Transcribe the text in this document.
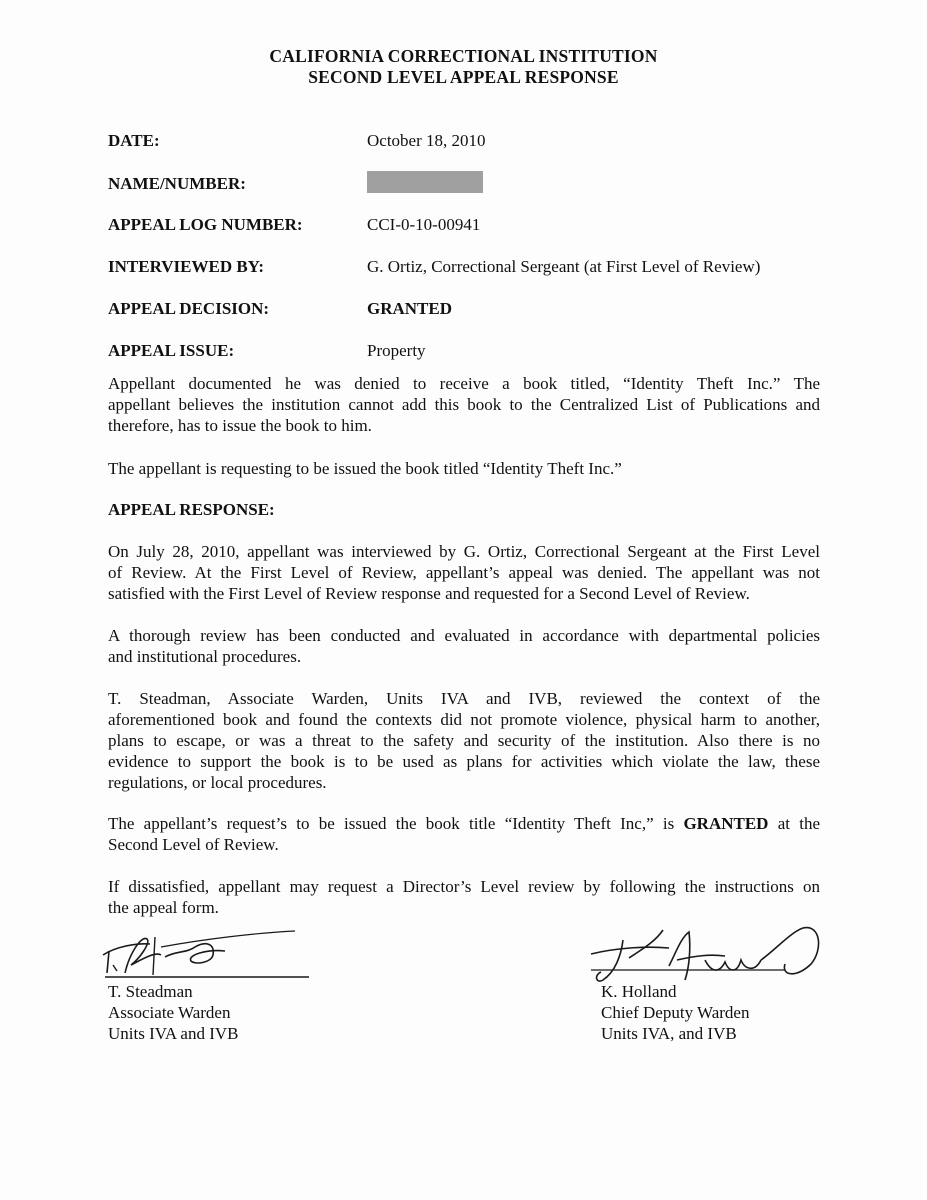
CALIFORNIA CORRECTIONAL INSTITUTION
SECOND LEVEL APPEAL RESPONSE
DATE:	October 18, 2010
NAME/NUMBER:
APPEAL LOG NUMBER:	CCI-0-10-00941
INTERVIEWED BY:	G. Ortiz, Correctional Sergeant (at First Level of Review)
APPEAL DECISION:	GRANTED
APPEAL ISSUE:	Property
Appellant documented he was denied to receive a book titled, “Identity Theft Inc.” The
appellant believes the institution cannot add this book to the Centralized List of Publications and
therefore, has to issue the book to him.
The appellant is requesting to be issued the book titled “Identity Theft Inc.”
APPEAL RESPONSE:
On July 28, 2010, appellant was interviewed by G. Ortiz, Correctional Sergeant at the First Level
of Review. At the First Level of Review, appellant’s appeal was denied. The appellant was not
satisfied with the First Level of Review response and requested for a Second Level of Review.
A thorough review has been conducted and evaluated in accordance with departmental policies
and institutional procedures.
T. Steadman, Associate Warden, Units IVA and IVB, reviewed the context of the
aforementioned book and found the contexts did not promote violence, physical harm to another,
plans to escape, or was a threat to the safety and security of the institution. Also there is no
evidence to support the book is to be used as plans for activities which violate the law, these
regulations, or local procedures.
The appellant’s request’s to be issued the book title “Identity Theft Inc,” is GRANTED at the
Second Level of Review.
If dissatisfied, appellant may request a Director’s Level review by following the instructions on
the appeal form.
T. Steadman
Associate Warden
Units IVA and IVB
K. Holland
Chief Deputy Warden
Units IVA, and IVB
